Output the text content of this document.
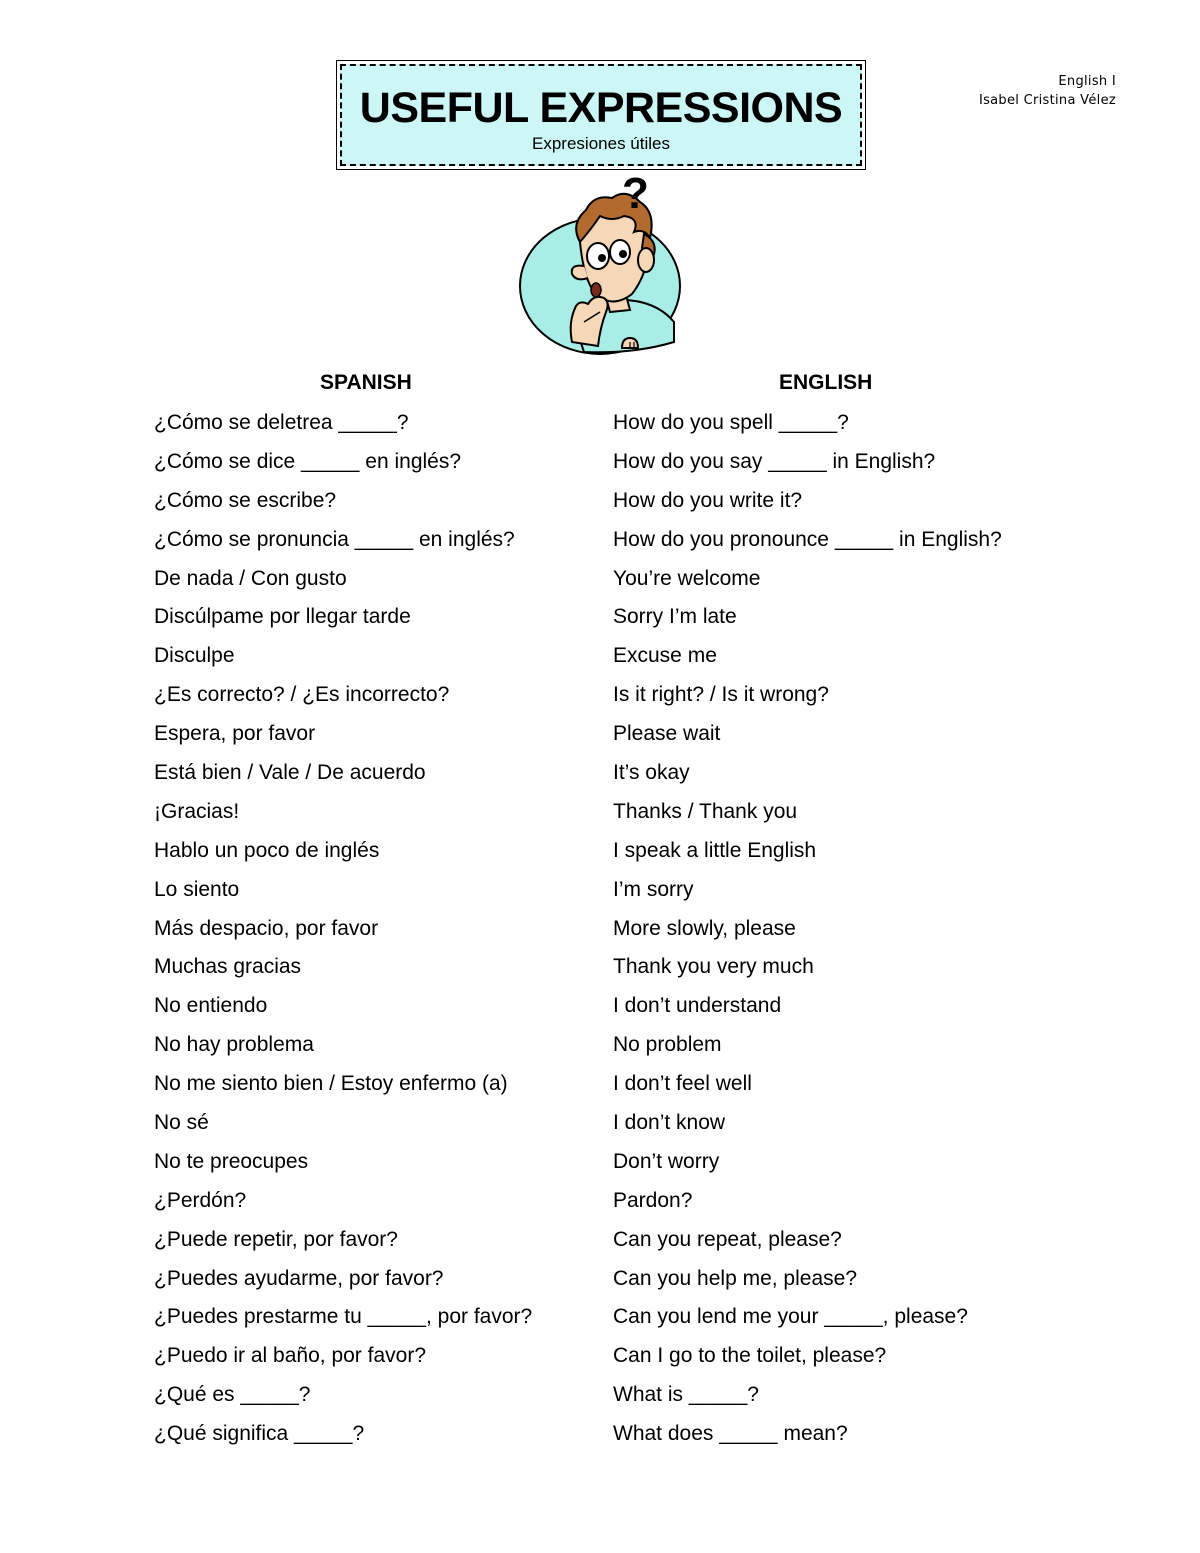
USEFUL EXPRESSIONS
Expresiones útiles
English I
Isabel Cristina Vélez
?
SPANISH	ENGLISH
¿Cómo se deletrea _____?
¿Cómo se dice _____ en inglés?
¿Cómo se escribe?
¿Cómo se pronuncia _____ en inglés?
De nada / Con gusto
Discúlpame por llegar tarde
Disculpe
¿Es correcto? / ¿Es incorrecto?
Espera, por favor
Está bien / Vale / De acuerdo
¡Gracias!
Hablo un poco de inglés
Lo siento
Más despacio, por favor
Muchas gracias
No entiendo
No hay problema
No me siento bien / Estoy enfermo (a)
No sé
No te preocupes
¿Perdón?
¿Puede repetir, por favor?
¿Puedes ayudarme, por favor?
¿Puedes prestarme tu _____, por favor?
¿Puedo ir al baño, por favor?
¿Qué es _____?
¿Qué significa _____?
How do you spell _____?
How do you say _____ in English?
How do you write it?
How do you pronounce _____ in English?
You’re welcome
Sorry I’m late
Excuse me
Is it right? / Is it wrong?
Please wait
It’s okay
Thanks / Thank you
I speak a little English
I’m sorry
More slowly, please
Thank you very much
I don’t understand
No problem
I don’t feel well
I don’t know
Don’t worry
Pardon?
Can you repeat, please?
Can you help me, please?
Can you lend me your _____, please?
Can I go to the toilet, please?
What is _____?
What does _____ mean?
